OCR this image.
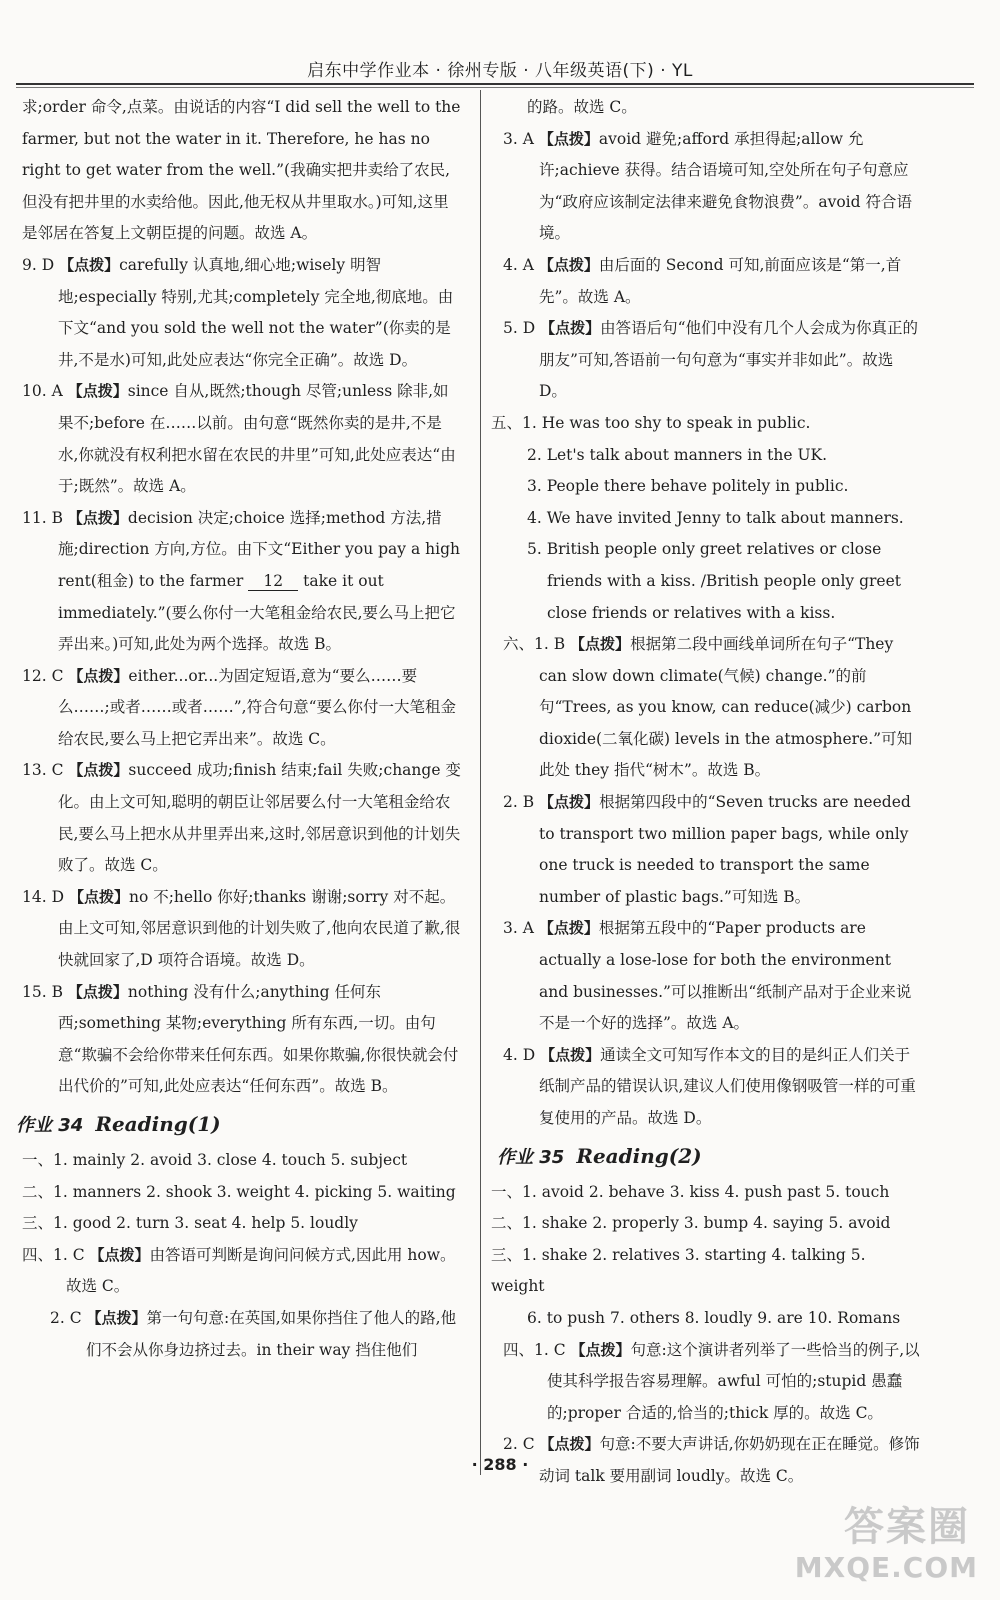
启东中学作业本 · 徐州专版 · 八年级英语(下) · YL

求;order 命令,点菜。由说话的内容“I did sell the well to the farmer, but not the water in it. Therefore, he has no right to get water from the well.”(我确实把井卖给了农民,但没有把井里的水卖给他。因此,他无权从井里取水。)可知,这里是邻居在答复上文朝臣提的问题。故选 A。

9. D 【点拨】carefully 认真地,细心地;wisely 明智地;especially 特别,尤其;completely 完全地,彻底地。由下文“and you sold the well not the water”(你卖的是井,不是水)可知,此处应表达“你完全正确”。故选 D。

10. A 【点拨】since 自从,既然;though 尽管;unless 除非,如果不;before 在……以前。由句意“既然你卖的是井,不是水,你就没有权利把水留在农民的井里”可知,此处应表达“由于;既然”。故选 A。

11. B 【点拨】decision 决定;choice 选择;method 方法,措施;direction 方向,方位。由下文“Either you pay a high rent(租金) to the farmer 12 take it out immediately.”(要么你付一大笔租金给农民,要么马上把它弄出来。)可知,此处为两个选择。故选 B。

12. C 【点拨】either...or...为固定短语,意为“要么……要么……;或者……或者……”,符合句意“要么你付一大笔租金给农民,要么马上把它弄出来”。故选 C。

13. C 【点拨】succeed 成功;finish 结束;fail 失败;change 变化。由上文可知,聪明的朝臣让邻居要么付一大笔租金给农民,要么马上把水从井里弄出来,这时,邻居意识到他的计划失败了。故选 C。

14. D 【点拨】no 不;hello 你好;thanks 谢谢;sorry 对不起。由上文可知,邻居意识到他的计划失败了,他向农民道了歉,很快就回家了,D 项符合语境。故选 D。

15. B 【点拨】nothing 没有什么;anything 任何东西;something 某物;everything 所有东西,一切。由句意“欺骗不会给你带来任何东西。如果你欺骗,你很快就会付出代价的”可知,此处应表达“任何东西”。故选 B。

作业 34 Reading(1)

一、1. mainly 2. avoid 3. close 4. touch 5. subject

二、1. manners 2. shook 3. weight 4. picking 5. waiting

三、1. good 2. turn 3. seat 4. help 5. loudly

四、1. C 【点拨】由答语可判断是询问问候方式,因此用 how。故选 C。

2. C 【点拨】第一句句意:在英国,如果你挡住了他人的路,他们不会从你身边挤过去。in their way 挡住他们

的路。故选 C。

3. A 【点拨】avoid 避免;afford 承担得起;allow 允许;achieve 获得。结合语境可知,空处所在句子句意应为“政府应该制定法律来避免食物浪费”。avoid 符合语境。

4. A 【点拨】由后面的 Second 可知,前面应该是“第一,首先”。故选 A。

5. D 【点拨】由答语后句“他们中没有几个人会成为你真正的朋友”可知,答语前一句句意为“事实并非如此”。故选 D。

五、1. He was too shy to speak in public.

2. Let's talk about manners in the UK.

3. People there behave politely in public.

4. We have invited Jenny to talk about manners.

5. British people only greet relatives or close friends with a kiss. /British people only greet close friends or relatives with a kiss.

六、1. B 【点拨】根据第二段中画线单词所在句子“They can slow down climate(气候) change.”的前句“Trees, as you know, can reduce(减少) carbon dioxide(二氧化碳) levels in the atmosphere.”可知此处 they 指代“树木”。故选 B。

2. B 【点拨】根据第四段中的“Seven trucks are needed to transport two million paper bags, while only one truck is needed to transport the same number of plastic bags.”可知选 B。

3. A 【点拨】根据第五段中的“Paper products are actually a lose-lose for both the environment and businesses.”可以推断出“纸制产品对于企业来说不是一个好的选择”。故选 A。

4. D 【点拨】通读全文可知写作本文的目的是纠正人们关于纸制产品的错误认识,建议人们使用像钢吸管一样的可重复使用的产品。故选 D。

作业 35 Reading(2)

一、1. avoid 2. behave 3. kiss 4. push past 5. touch

二、1. shake 2. properly 3. bump 4. saying 5. avoid

三、1. shake 2. relatives 3. starting 4. talking 5. weight

6. to push 7. others 8. loudly 9. are 10. Romans

四、1. C 【点拨】句意:这个演讲者列举了一些恰当的例子,以使其科学报告容易理解。awful 可怕的;stupid 愚蠢的;proper 合适的,恰当的;thick 厚的。故选 C。

2. C 【点拨】句意:不要大声讲话,你奶奶现在正在睡觉。修饰动词 talk 要用副词 loudly。故选 C。

· 288 ·
答案圈
MXQE.COM
